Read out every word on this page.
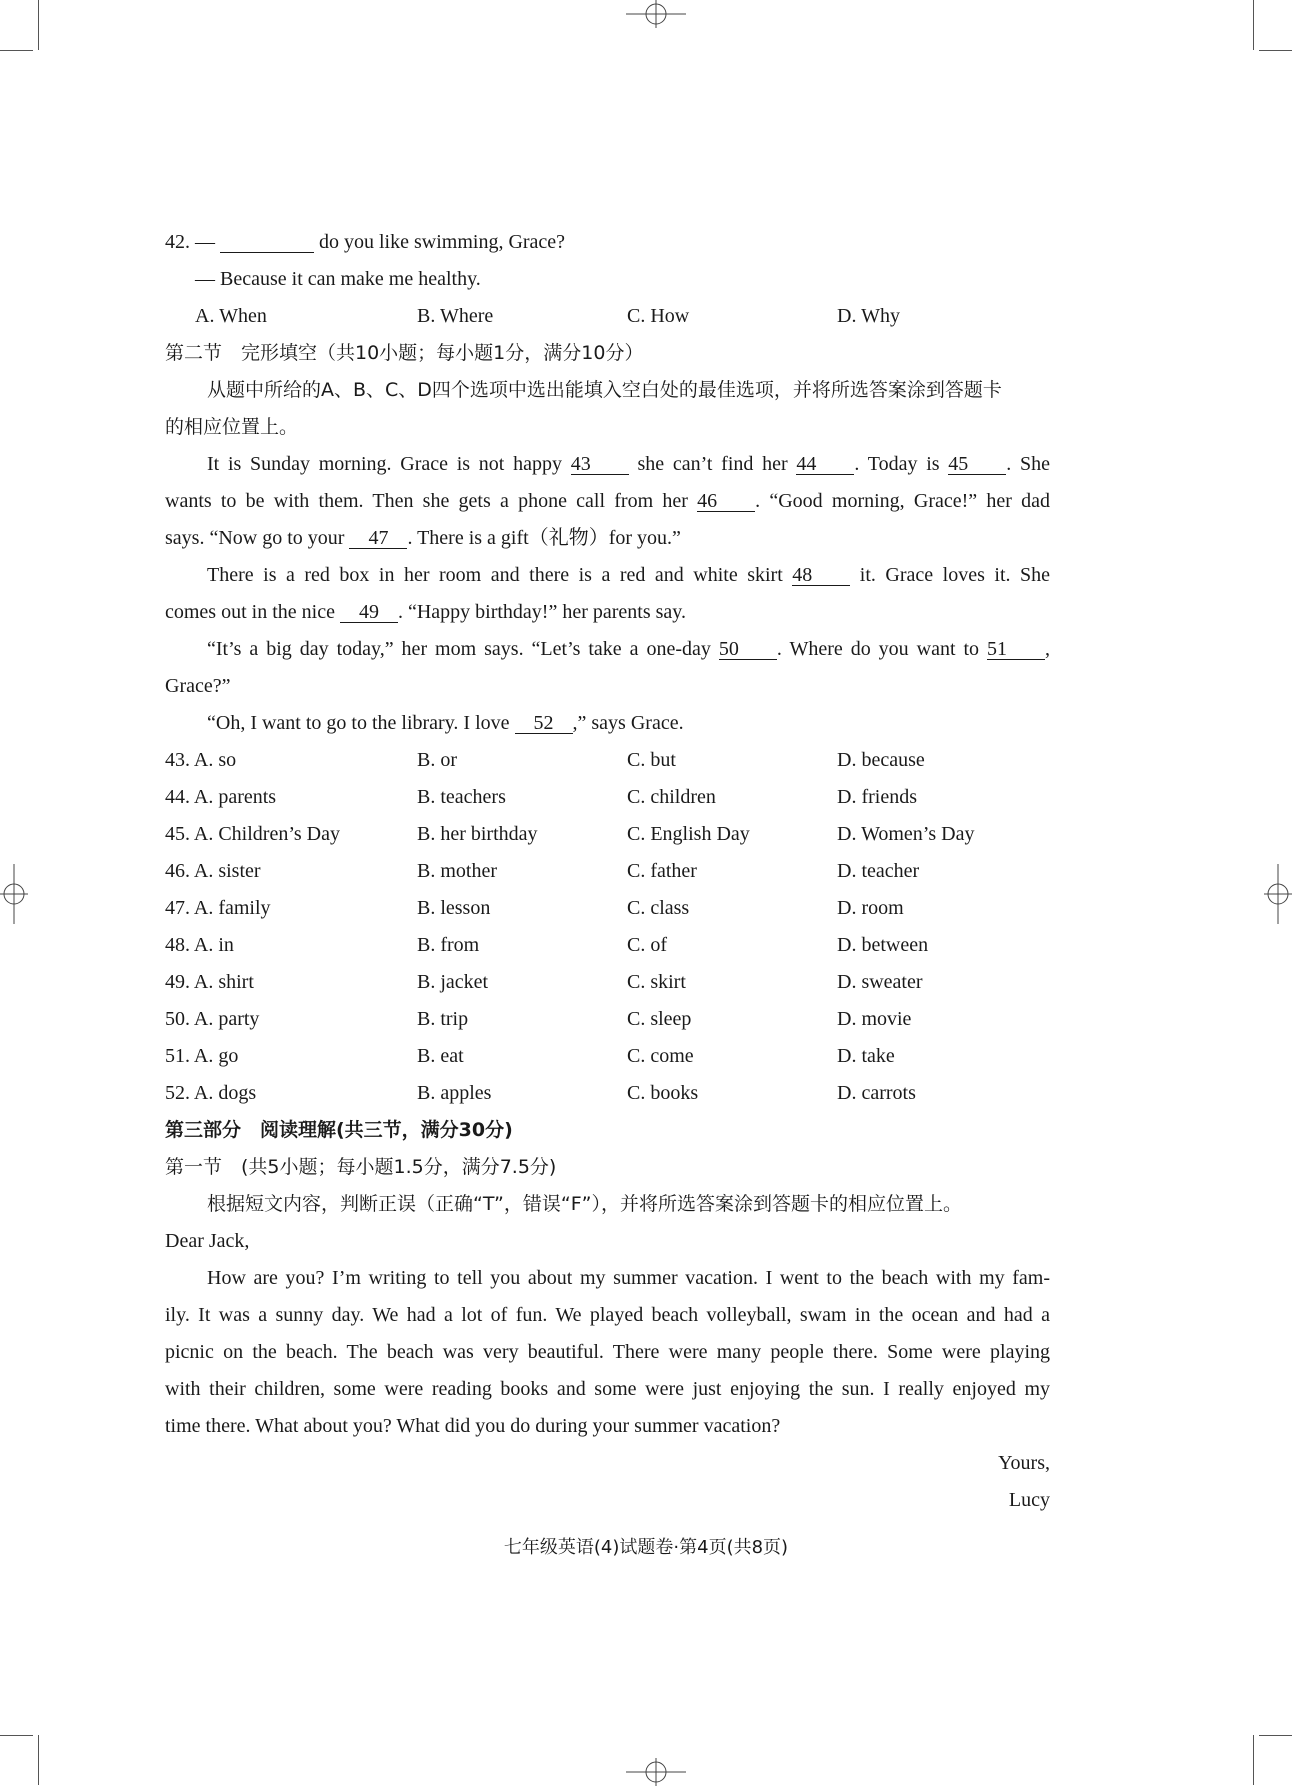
42. —	do you like swimming, Grace?
— Because it can make me healthy.
A. When	B. Where	C. How	D. Why
第二节　完形填空（共10小题；每小题1分，满分10分）
从题中所给的A、B、C、D四个选项中选出能填入空白处的最佳选项，并将所选答案涂到答题卡
的相应位置上。
It is Sunday morning. Grace is not happy 43 she can’t find her 44 . Today is 45 . She
wants to be with them. Then she gets a phone call from her 46 . “Good morning, Grace!” her dad
says. “Now go to your 47 . There is a gift（礼物）for you.”
There is a red box in her room and there is a red and white skirt 48 it. Grace loves it. She
comes out in the nice 49 . “Happy birthday!” her parents say.
“It’s a big day today,” her mom says. “Let’s take a one-day 50 . Where do you want to 51 ,
Grace?”
“Oh, I want to go to the library. I love 52 ,” says Grace.
43. A. so	B. or	C. but	D. because
44. A. parents	B. teachers	C. children	D. friends
45. A. Children’s Day	B. her birthday	C. English Day	D. Women’s Day
46. A. sister	B. mother	C. father	D. teacher
47. A. family	B. lesson	C. class	D. room
48. A. in	B. from	C. of	D. between
49. A. shirt	B. jacket	C. skirt	D. sweater
50. A. party	B. trip	C. sleep	D. movie
51. A. go	B. eat	C. come	D. take
52. A. dogs	B. apples	C. books	D. carrots
第三部分　阅读理解(共三节，满分30分)
第一节　(共5小题；每小题1.5分，满分7.5分)
根据短文内容，判断正误（正确“T”，错误“F”），并将所选答案涂到答题卡的相应位置上。
Dear Jack,
How are you? I’m writing to tell you about my summer vacation. I went to the beach with my fam-
ily. It was a sunny day. We had a lot of fun. We played beach volleyball, swam in the ocean and had a
picnic on the beach. The beach was very beautiful. There were many people there. Some were playing
with their children, some were reading books and some were just enjoying the sun. I really enjoyed my
time there. What about you? What did you do during your summer vacation?
Yours,
Lucy
七年级英语(4)试题卷·第4页(共8页)
